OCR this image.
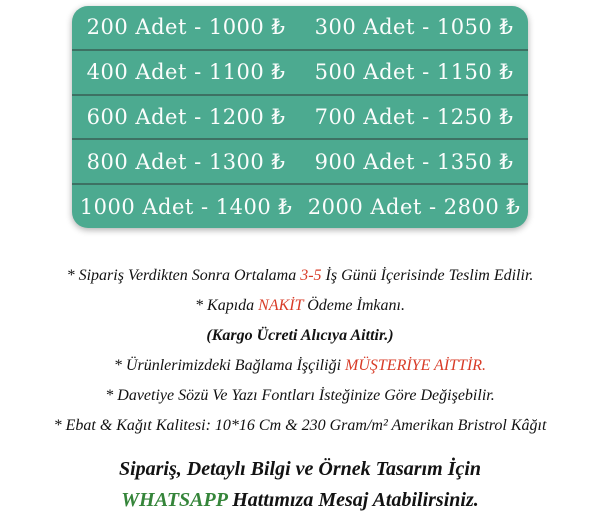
200 Adet - 1000 ₺	300 Adet - 1050 ₺
400 Adet - 1100 ₺	500 Adet - 1150 ₺
600 Adet - 1200 ₺	700 Adet - 1250 ₺
800 Adet - 1300 ₺	900 Adet - 1350 ₺
1000 Adet - 1400 ₺ 2000 Adet - 2800 ₺

* Sipariş Verdikten Sonra Ortalama 3-5 İş Günü İçerisinde Teslim Edilir.

* Kapıda NAKİT Ödeme İmkanı.

(Kargo Ücreti Alıcıya Aittir.)

* Ürünlerimizdeki Bağlama İşçiliği MÜŞTERİYE AİTTİR.

* Davetiye Sözü Ve Yazı Fontları İsteğinize Göre Değişebilir.

* Ebat & Kağıt Kalitesi: 10*16 Cm & 230 Gram/m² Amerikan Bristrol Kâğıt

Sipariş, Detaylı Bilgi ve Örnek Tasarım İçin

WHATSAPP Hattımıza Mesaj Atabilirsiniz.
